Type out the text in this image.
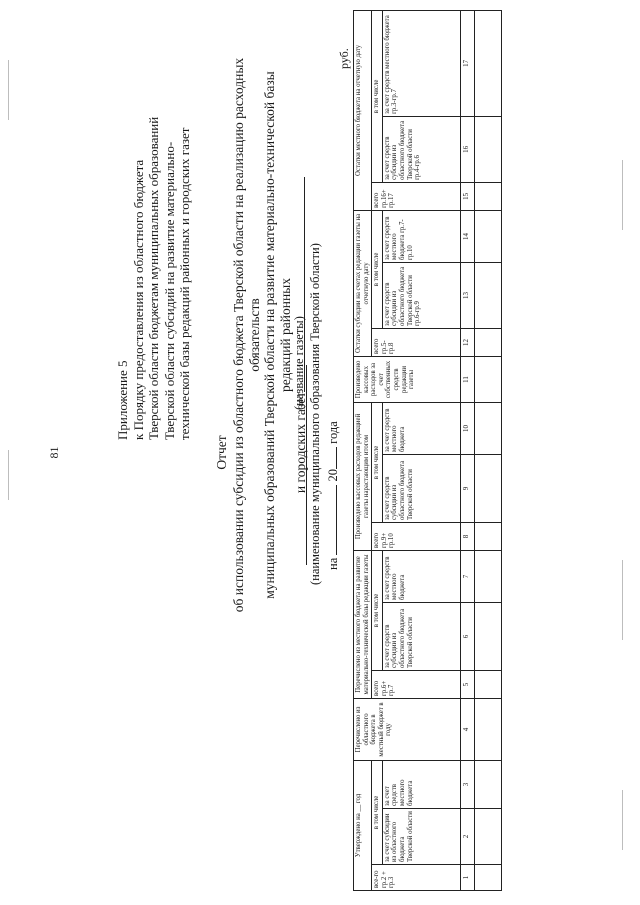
81
Приложение 5 к Порядку предоставления из областного бюджета Тверской области бюджетам муниципальных образований Тверской области субсидий на развитие материально- технической базы редакций районных и городских газет
Отчет об использовании субсидии из областного бюджета Тверской области на реализацию расходных обязательств муниципальных образований Тверской области на развитие материально-технической базы редакций районных
и городских газет
(название газеты) (наименование муниципального образования Тверской области) на  20 года
руб.
Утверждено на __ год			Перечислено из областного бюджета в местный бюджет в году	Перечислено из местного бюджета на развитие материально-технической базы редакции газеты			Произведено кассовых расходов редакцией газеты нарастающим итогом			Произведено кассовых расходов за счет собственных средств редакции газеты	Остатки субсидии на счетах редакции газеты на отчетную дату			Остатки местного бюджета на отчетную дату		
все-го гр.2 + гр.3	в том числе			всего гр.6+ гр.7	в том числе		всего гр.9+ гр.10	в том числе			всего гр.5- гр.8	в том числе		всего гр.16+ гр.17	в том числе	
	за счет субсидии из областного бюджета Тверской области	за счет средств местного бюджета			за счет средств субсидии из областного бюджета Тверской области	за счет средств местного бюджета		за счет средств субсидии из областного бюджета Тверской области	за счет средств местного бюджета			за счет средств субсидии из областного бюджета Тверской области гр.6-гр.9	за счет средств местного бюджета гр.7- гр.10		за счет средств субсидии из областного бюджета Тверской области гр.4-гр.6	за счет средств местного бюджета гр.3-гр.7
1	2	3	4	5	6	7	8	9	10	11	12	13	14	15	16	17
